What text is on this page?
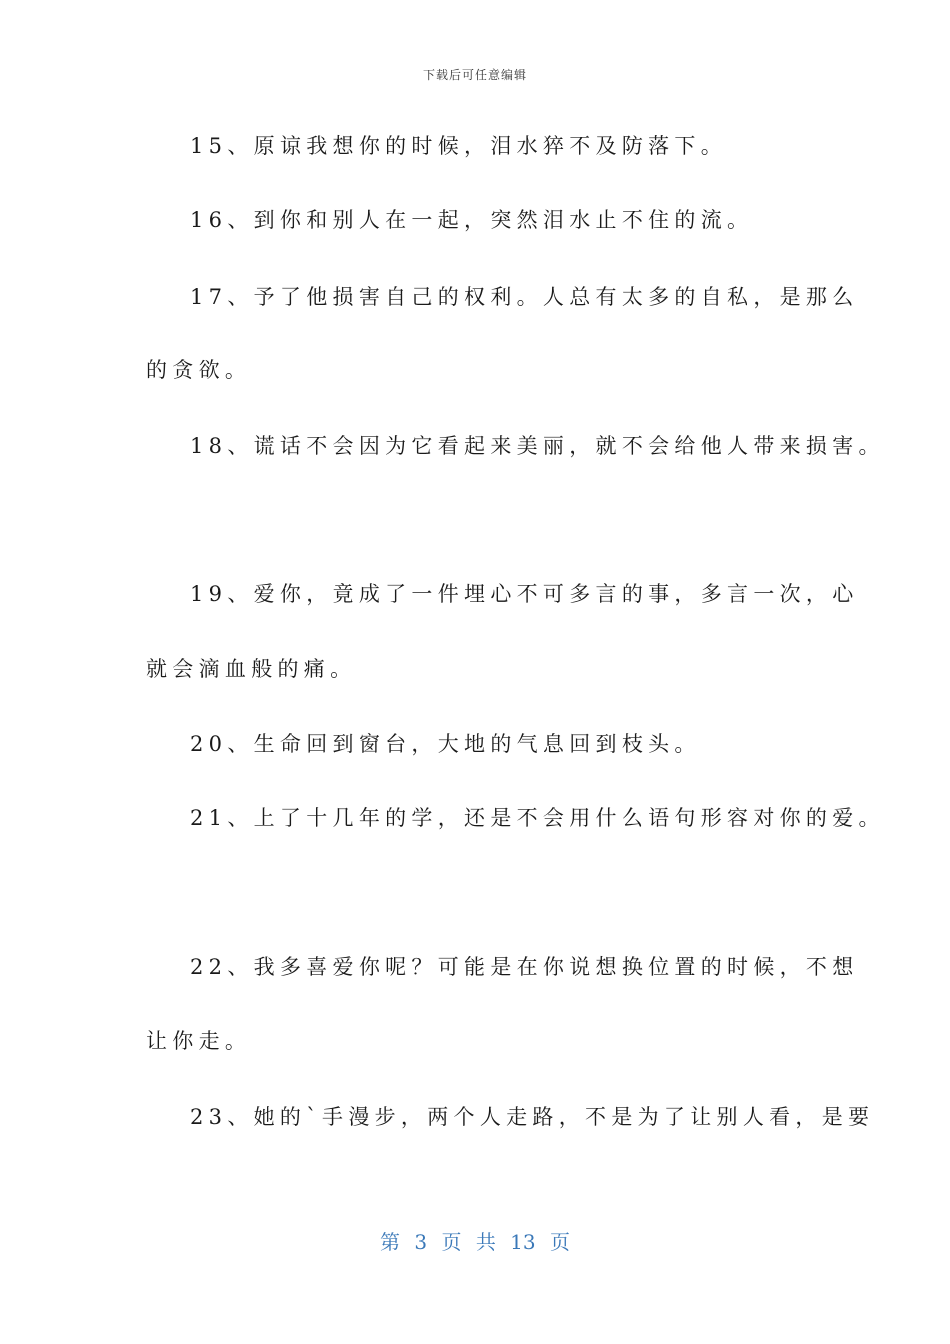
下载后可任意编辑
15、原谅我想你的时候，泪水猝不及防落下。
16、到你和别人在一起，突然泪水止不住的流。
17、予了他损害自己的权利。人总有太多的自私，是那么
的贪欲。
18、谎话不会因为它看起来美丽，就不会给他人带来损害。
19、爱你，竟成了一件埋心不可多言的事，多言一次，心
就会滴血般的痛。
20、生命回到窗台，大地的气息回到枝头。
21、上了十几年的学，还是不会用什么语句形容对你的爱。
22、我多喜爱你呢？可能是在你说想换位置的时候，不想
让你走。
23、她的`手漫步，两个人走路，不是为了让别人看，是要
第 3 页 共 13 页
